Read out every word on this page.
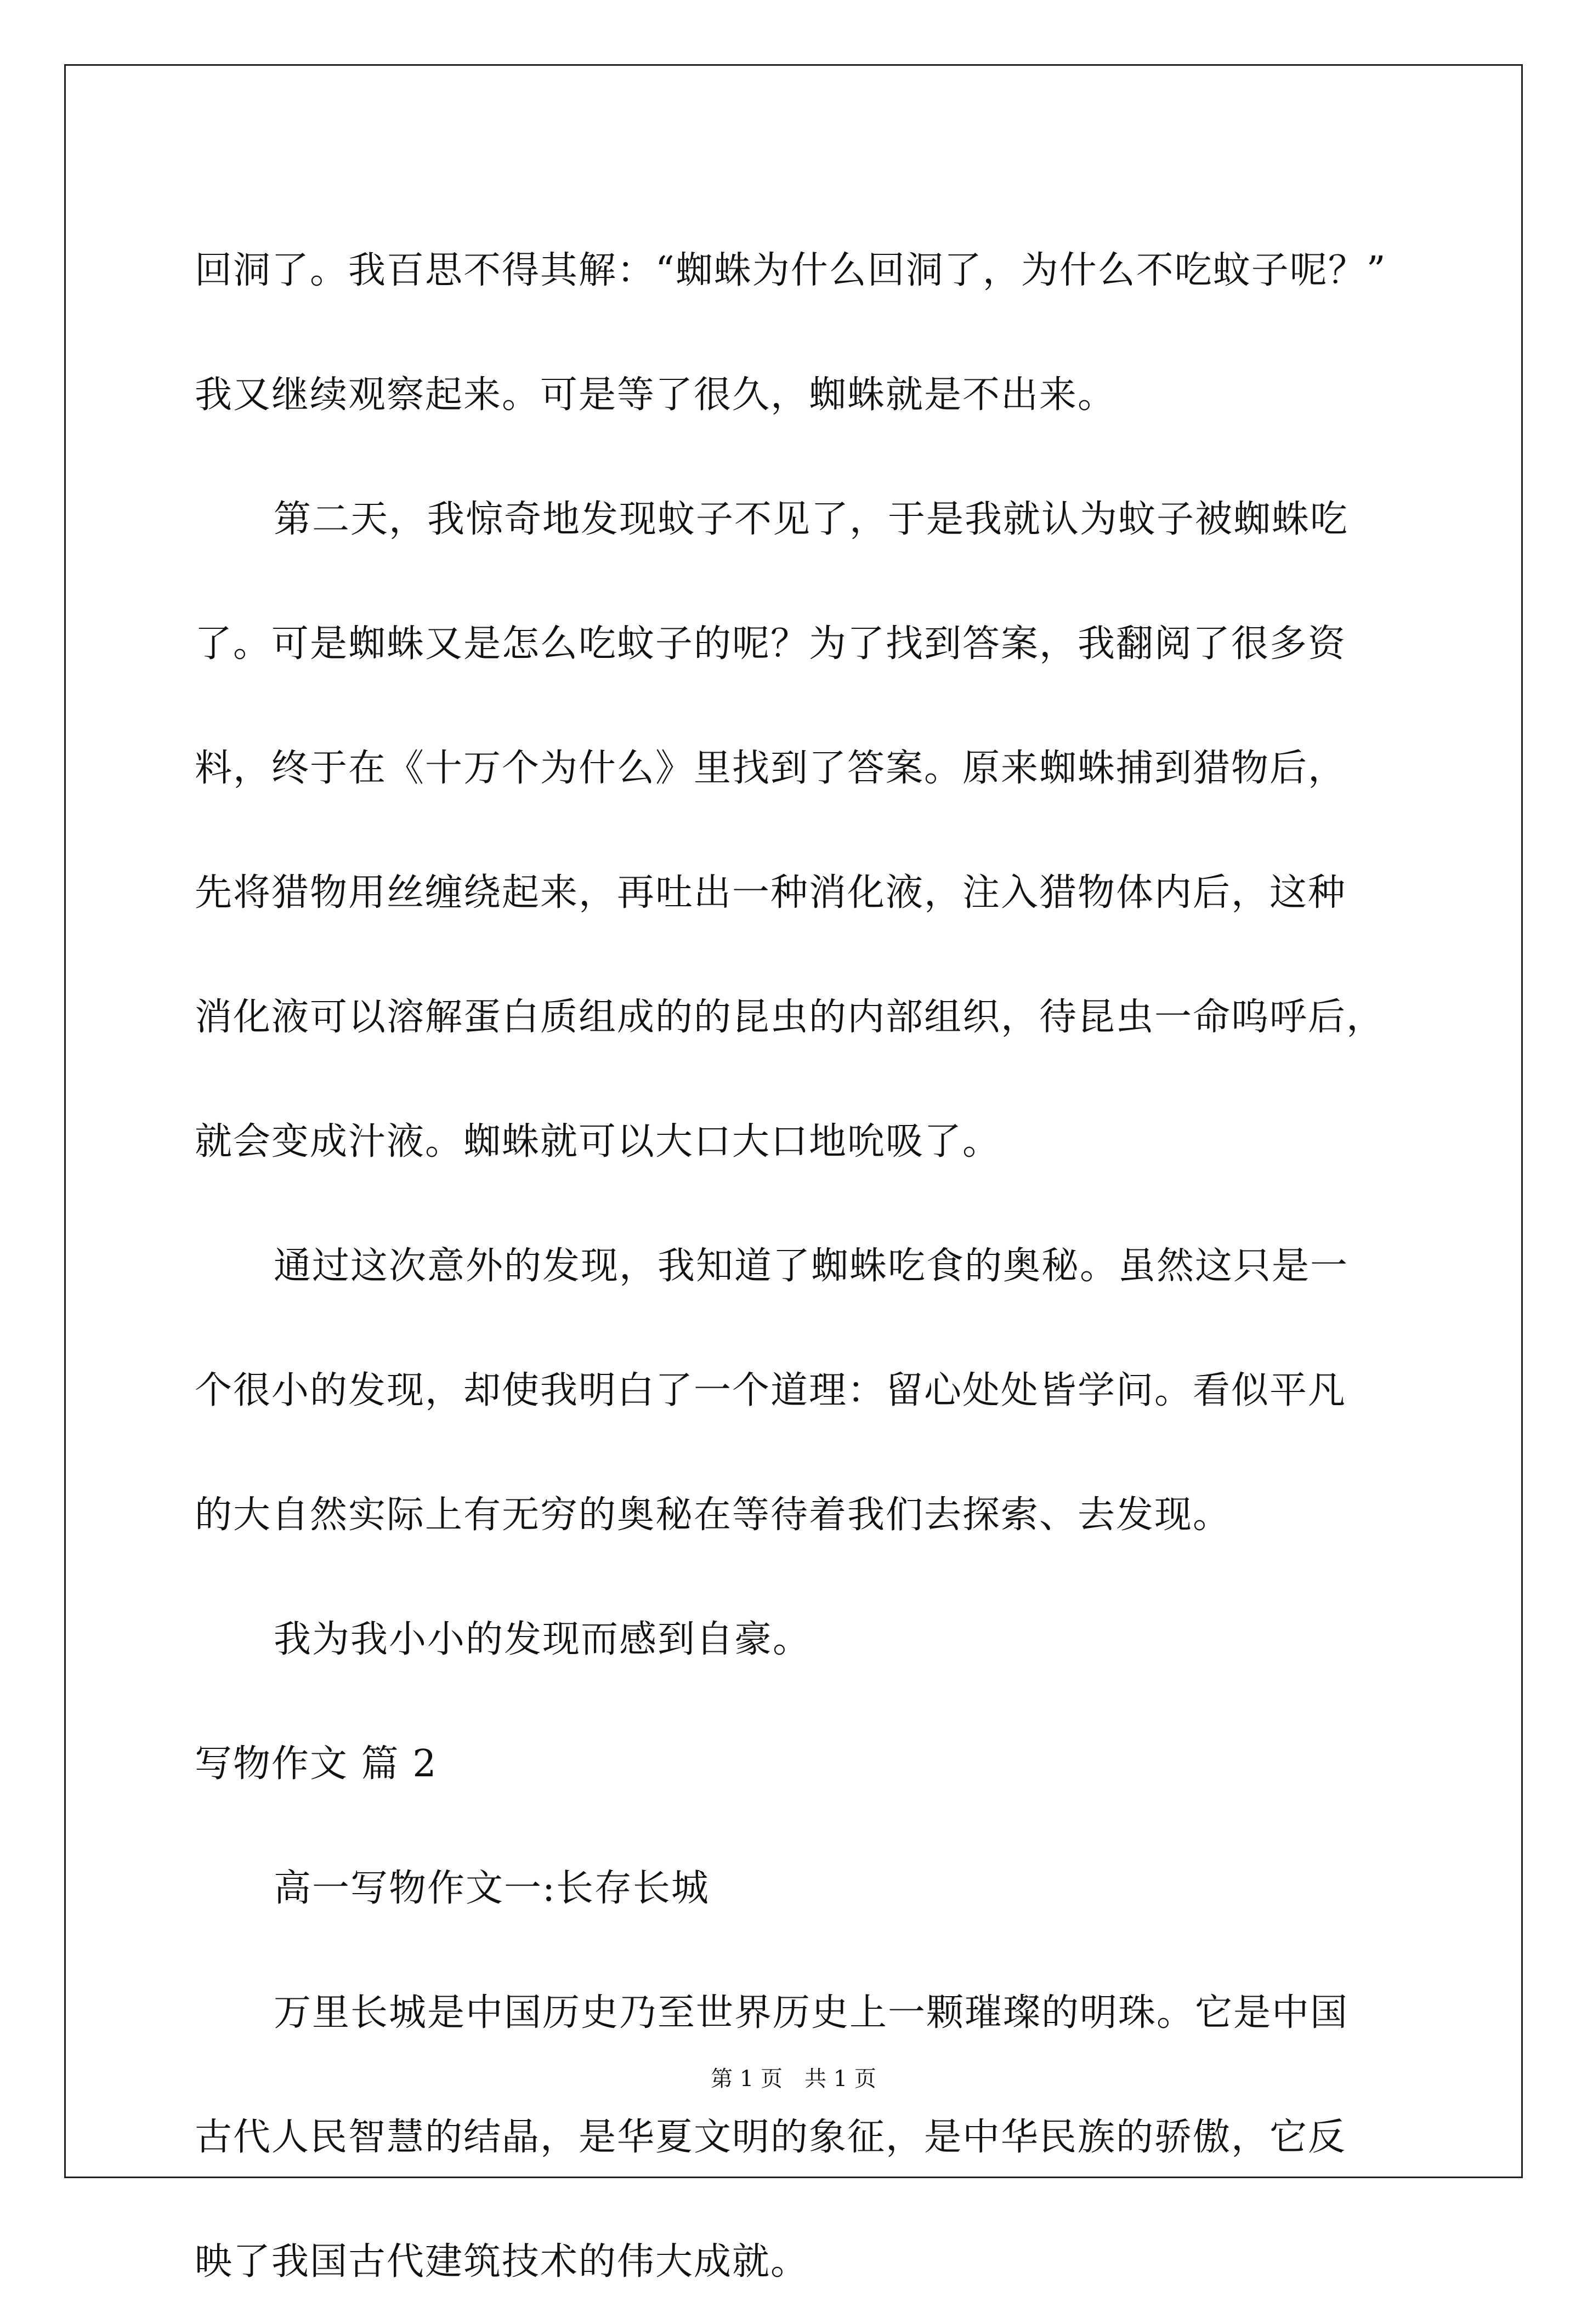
回洞了。我百思不得其解：“蜘蛛为什么回洞了，为什么不吃蚊子呢？”
我又继续观察起来。可是等了很久，蜘蛛就是不出来。
第二天，我惊奇地发现蚊子不见了，于是我就认为蚊子被蜘蛛吃
了。可是蜘蛛又是怎么吃蚊子的呢？为了找到答案，我翻阅了很多资
料，终于在《十万个为什么》里找到了答案。原来蜘蛛捕到猎物后，
先将猎物用丝缠绕起来，再吐出一种消化液，注入猎物体内后，这种
消化液可以溶解蛋白质组成的的昆虫的内部组织，待昆虫一命呜呼后，
就会变成汁液。蜘蛛就可以大口大口地吮吸了。
通过这次意外的发现，我知道了蜘蛛吃食的奥秘。虽然这只是一
个很小的发现，却使我明白了一个道理：留心处处皆学问。看似平凡
的大自然实际上有无穷的奥秘在等待着我们去探索、去发现。
我为我小小的发现而感到自豪。
写物作文 篇 2
高一写物作文一:长存长城
万里长城是中国历史乃至世界历史上一颗璀璨的明珠。它是中国
古代人民智慧的结晶，是华夏文明的象征，是中华民族的骄傲，它反
映了我国古代建筑技术的伟大成就。
第 1 页　共 1 页
